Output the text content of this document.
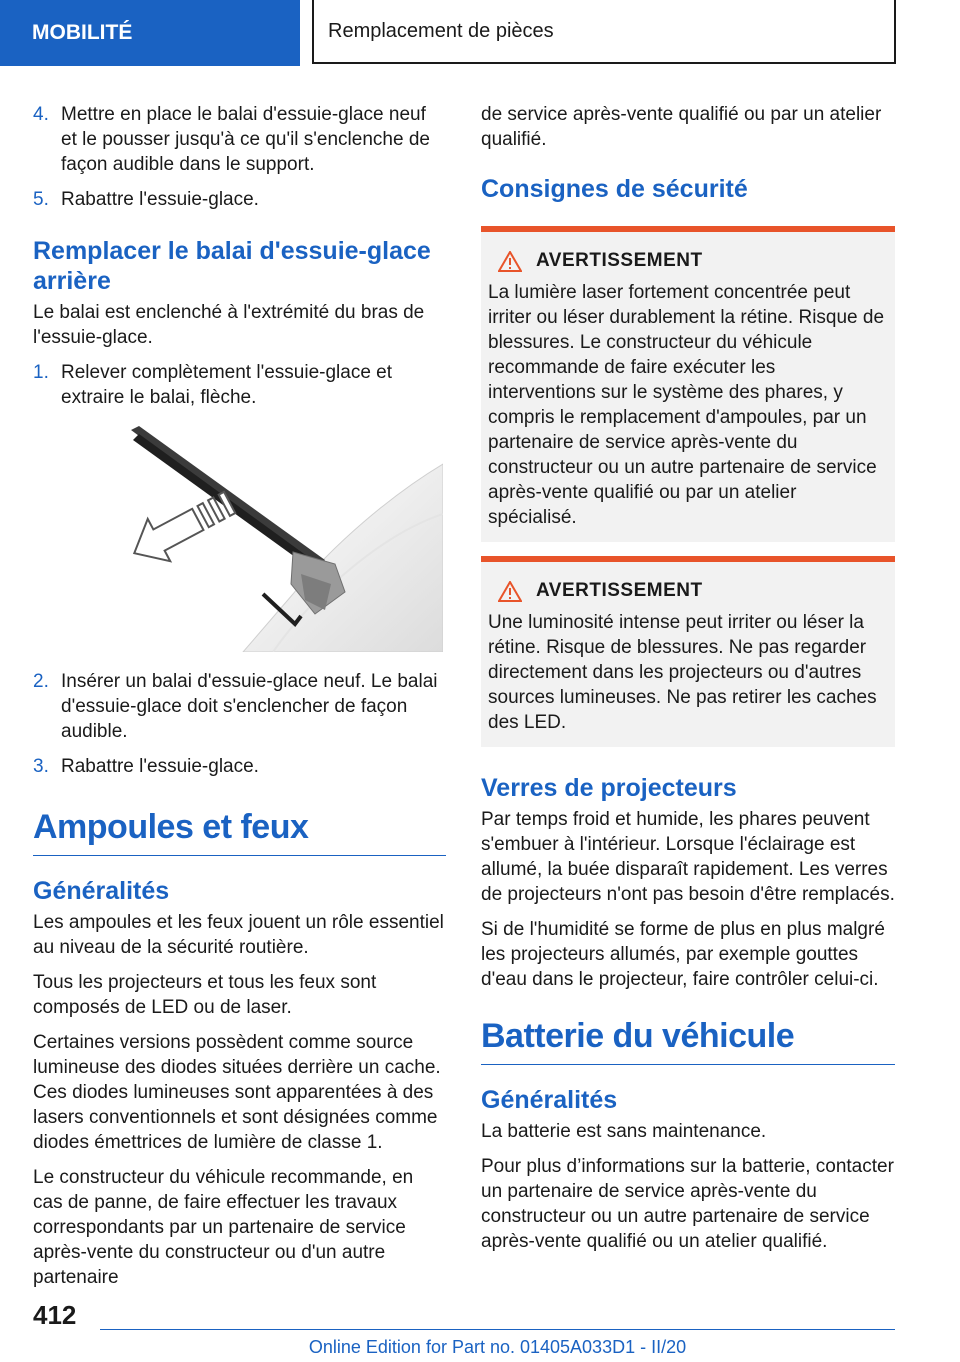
MOBILITÉ	Remplacement de pièces
4. Mettre en place le balai d'essuie-glace neuf et le pousser jusqu'à ce qu'il s'enclenche de façon audible dans le support.
5. Rabattre l'essuie-glace.
Remplacer le balai d'essuie-glace arrière

Le balai est enclenché à l'extrémité du bras de l'essuie-glace.

1. Relever complètement l'essuie-glace et extraire le balai, flèche.
2. Insérer un balai d'essuie-glace neuf. Le balai d'essuie-glace doit s'enclencher de façon audible.
3. Rabattre l'essuie-glace.
Ampoules et feux
Généralités

Les ampoules et les feux jouent un rôle essentiel au niveau de la sécurité routière.

Tous les projecteurs et tous les feux sont composés de LED ou de laser.

Certaines versions possèdent comme source lumineuse des diodes situées derrière un cache. Ces diodes lumineuses sont apparentées à des lasers conventionnels et sont désignées comme diodes émettrices de lumière de classe 1.

Le constructeur du véhicule recommande, en cas de panne, de faire effectuer les travaux correspondants par un partenaire de service après-vente du constructeur ou d'un autre partenaire

de service après-vente qualifié ou par un atelier qualifié.

Consignes de sécurité
AVERTISSEMENT

La lumière laser fortement concentrée peut irriter ou léser durablement la rétine. Risque de blessures. Le constructeur du véhicule recommande de faire exécuter les interventions sur le système des phares, y compris le remplacement d'ampoules, par un partenaire de service après-vente du constructeur ou un autre partenaire de service après-vente qualifié ou par un atelier spécialisé.

AVERTISSEMENT

Une luminosité intense peut irriter ou léser la rétine. Risque de blessures. Ne pas regarder directement dans les projecteurs ou d'autres sources lumineuses. Ne pas retirer les caches des LED.

Verres de projecteurs

Par temps froid et humide, les phares peuvent s'embuer à l'intérieur. Lorsque l'éclairage est allumé, la buée disparaît rapidement. Les verres de projecteurs n'ont pas besoin d'être remplacés.

Si de l'humidité se forme de plus en plus malgré les projecteurs allumés, par exemple gouttes d'eau dans le projecteur, faire contrôler celui-ci.

Batterie du véhicule
Généralités

La batterie est sans maintenance.

Pour plus d’informations sur la batterie, contacter un partenaire de service après-vente du constructeur ou un autre partenaire de service après-vente qualifié ou un atelier qualifié.

412
Online Edition for Part no. 01405A033D1 - II/20
